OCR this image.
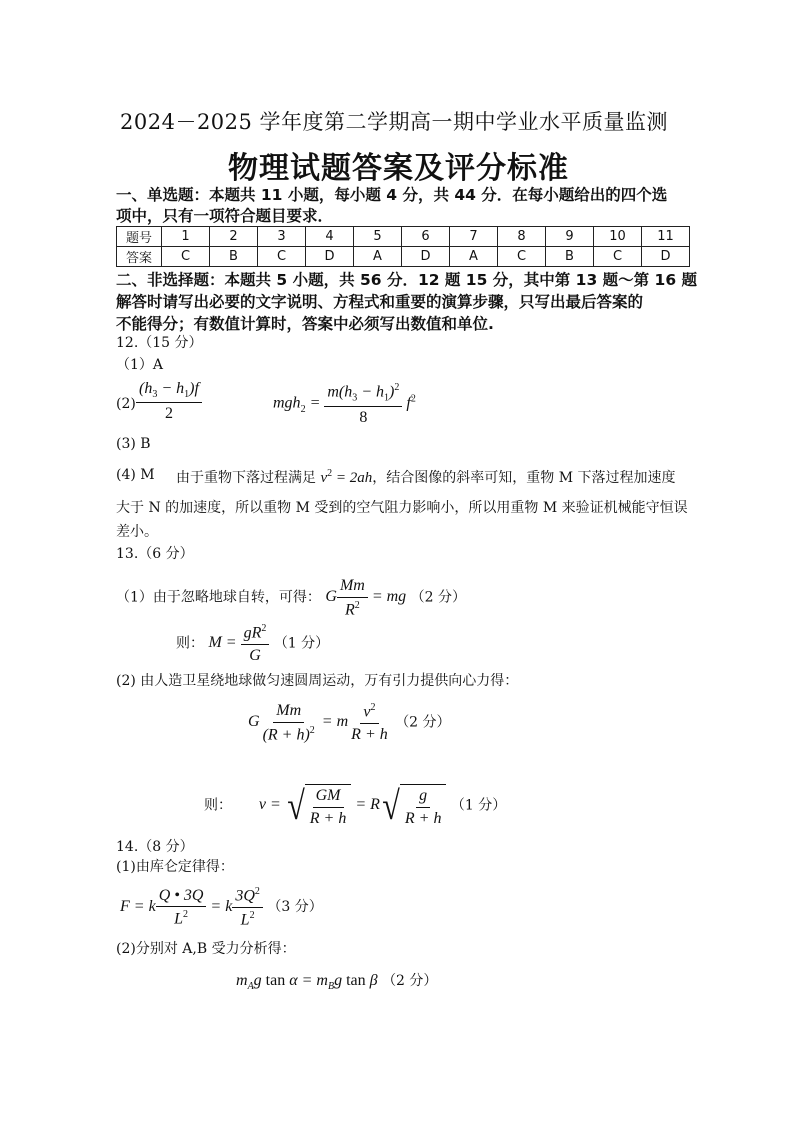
2024－2025 学年度第二学期高一期中学业水平质量监测
物理试题答案及评分标准
一、单选题：本题共 11 小题，每小题 4 分，共 44 分．在每小题给出的四个选
项中，只有一项符合题目要求．
题号	1	2	3	4	5	6	7	8	9	10	11
答案	C	B	C	D	A	D	A	C	B	C	D
二、非选择题：本题共 5 小题，共 56 分．12 题 15 分，其中第 13 题～第 16 题
解答时请写出必要的文字说明、方程式和重要的演算步骤，只写出最后答案的
不能得分；有数值计算时，答案中必须写出数值和单位.
12.（15 分）
（1）A
$(2) \frac{(h_3 - h_1)f}{2}$	$mgh_2 = \frac{m(h_3 - h_1)^2}{8} f^2$
(3) B
(4) M 由于重物下落过程满足 $v^2 = 2ah$，结合图像的斜率可知，重物 M 下落过程加速度
大于 N 的加速度，所以重物 M 受到的空气阻力影响小，所以用重物 M 来验证机械能守恒误
差小。
13.（6 分）
（1）由于忽略地球自转，可得： G $\frac{Mm}{R^2}$ = mg （2 分）
则： $M = \frac{gR^2}{G} (1$ 分）
(2) 由人造卫星绕地球做匀速圆周运动，万有引力提供向心力得：
G $\frac{Mm}{(R + h)^2} = m \frac{v^2}{R + h} (2$ 分）
则： v = √ $\frac{GM}{R + h} = R$ √ $\frac{g}{R + h} (1$ 分）
14.（8 分）
(1)由库仑定律得：
F = k $\frac{Q • 3Q}{L^2} = k \frac{3Q^2}{L^2} (3$ 分）
(2)分别对 A,B 受力分析得：
$m_Ag$ $\tan \alpha = m_Bg$ tan β （2 分）
